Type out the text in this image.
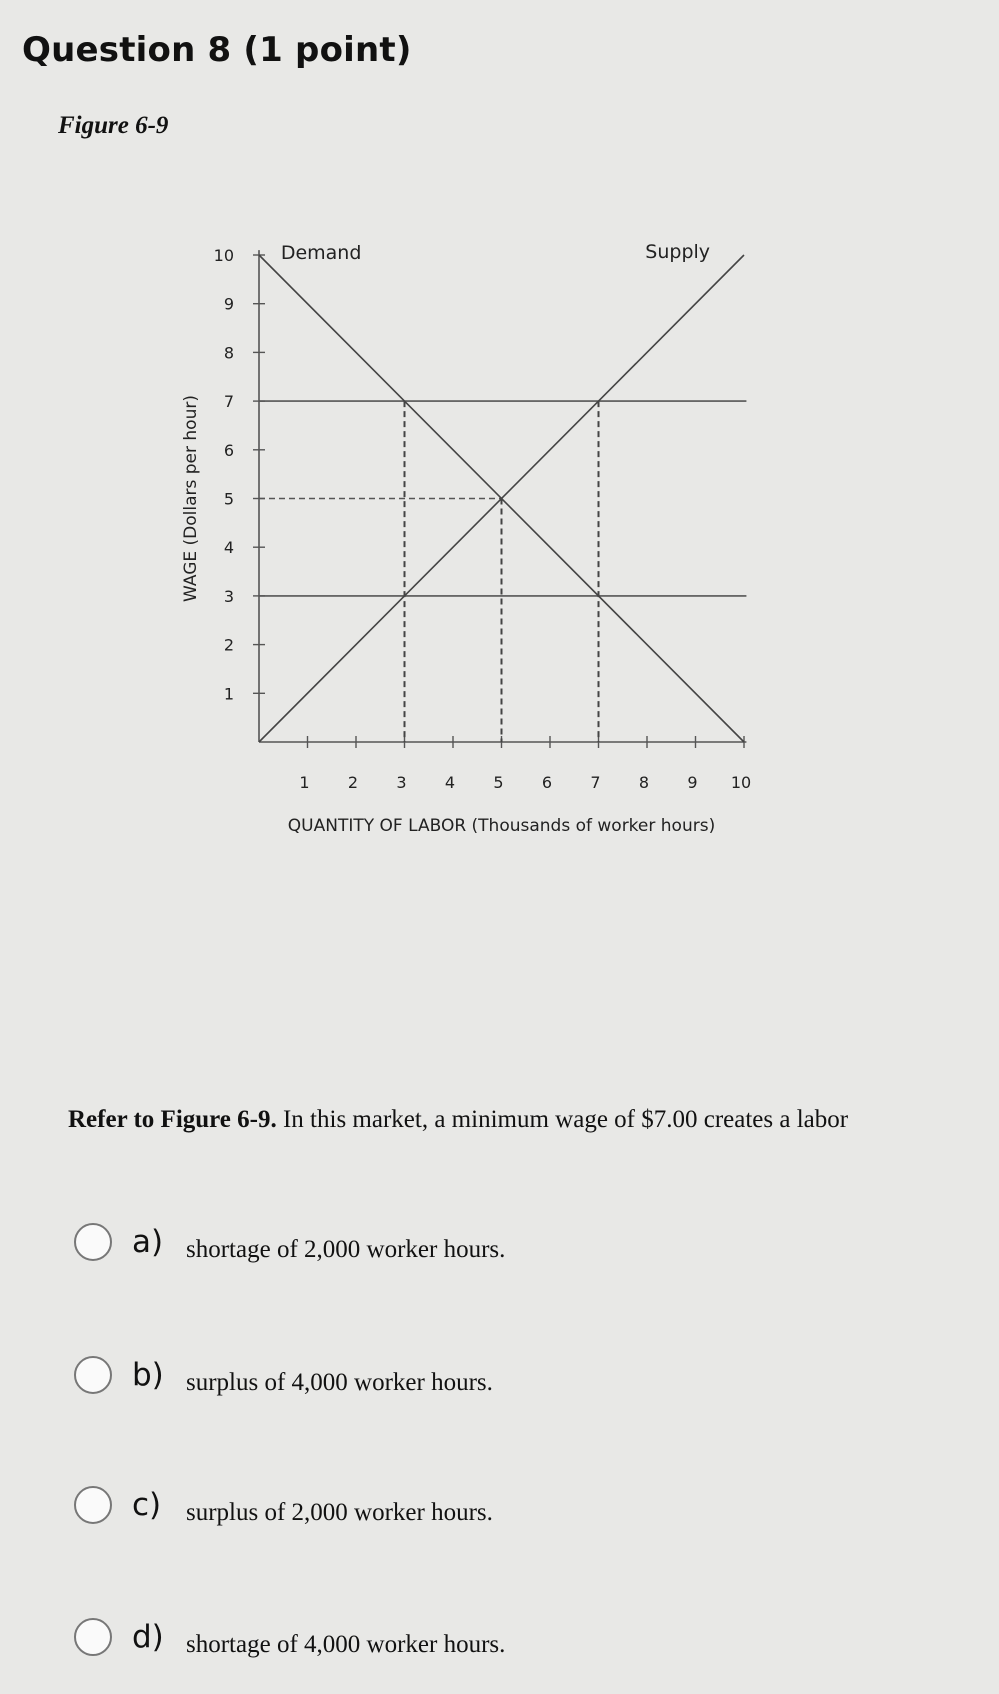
Question 8 (1 point)
Figure 6-9
1
2
3
4
5
6
7
8
9
10
1 2 3 4 5 6 7 8 9 10
Demand	Supply
QUANTITY OF LABOR (Thousands of worker hours)
WAGE (Dollars per hour)
Refer to Figure 6-9. In this market, a minimum wage of $7.00 creates a labor
a) shortage of 2,000 worker hours.
b) surplus of 4,000 worker hours.
c) surplus of 2,000 worker hours.
d) shortage of 4,000 worker hours.
